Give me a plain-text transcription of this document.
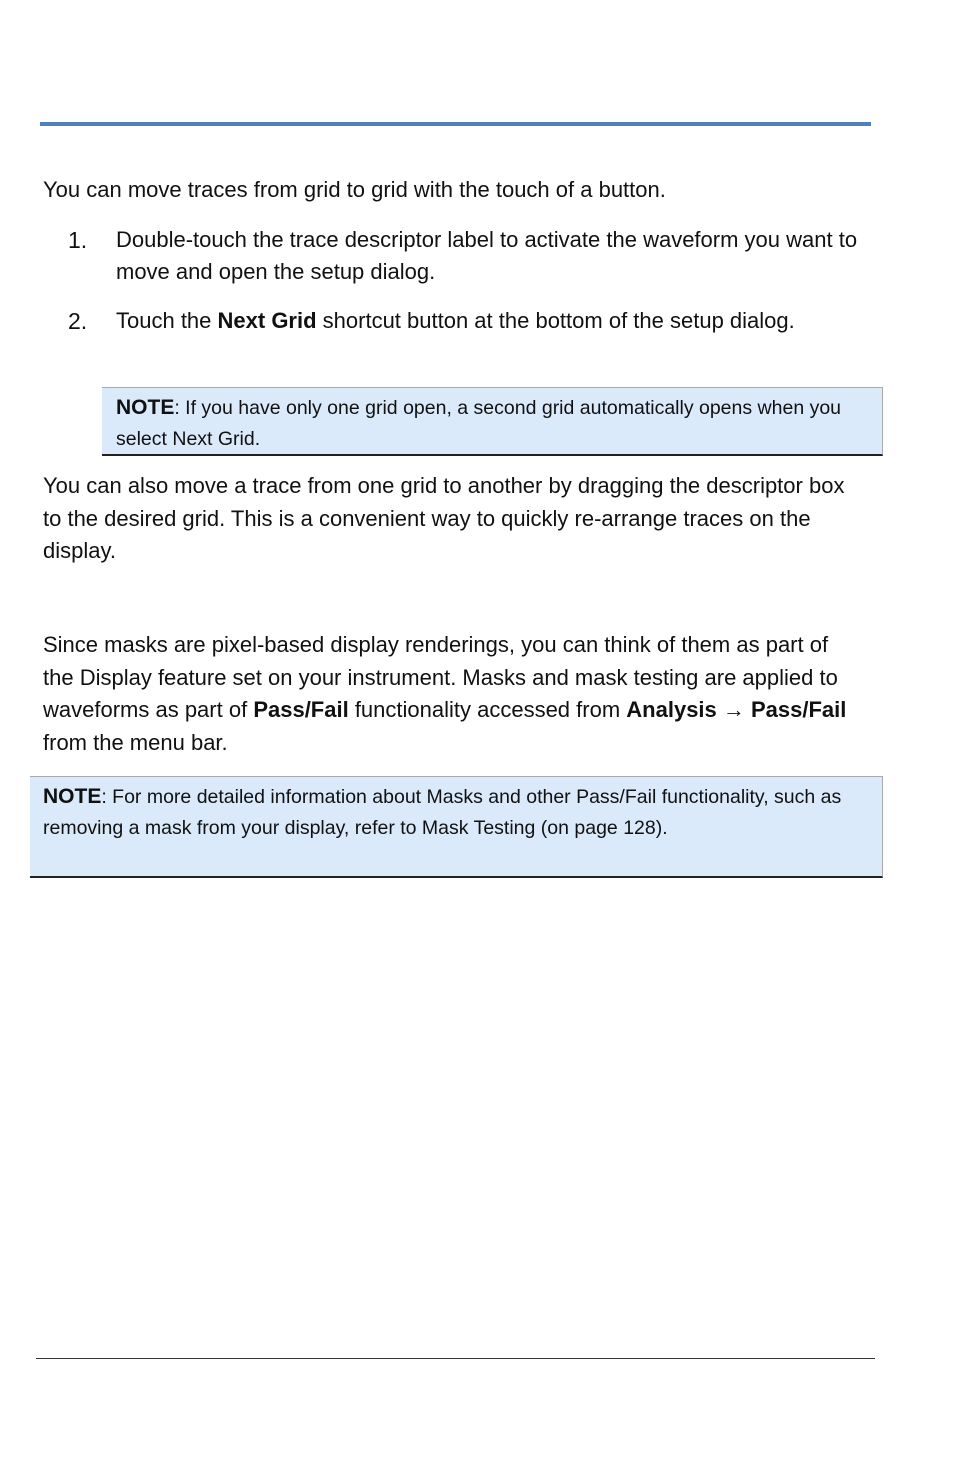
You can move traces from grid to grid with the touch of a button.

1.	Double-touch the trace descriptor label to activate the waveform you want to move and open the setup dialog.
2.	Touch the Next Grid shortcut button at the bottom of the setup dialog.
NOTE: If you have only one grid open, a second grid automatically opens when you select Next Grid.

You can also move a trace from one grid to another by dragging the descriptor box to the desired grid. This is a convenient way to quickly re-arrange traces on the display.

Since masks are pixel-based display renderings, you can think of them as part of the Display feature set on your instrument. Masks and mask testing are applied to waveforms as part of Pass/Fail functionality accessed from Analysis → Pass/Fail from the menu bar.

NOTE: For more detailed information about Masks and other Pass/Fail functionality, such as removing a mask from your display, refer to Mask Testing (on page 128).
